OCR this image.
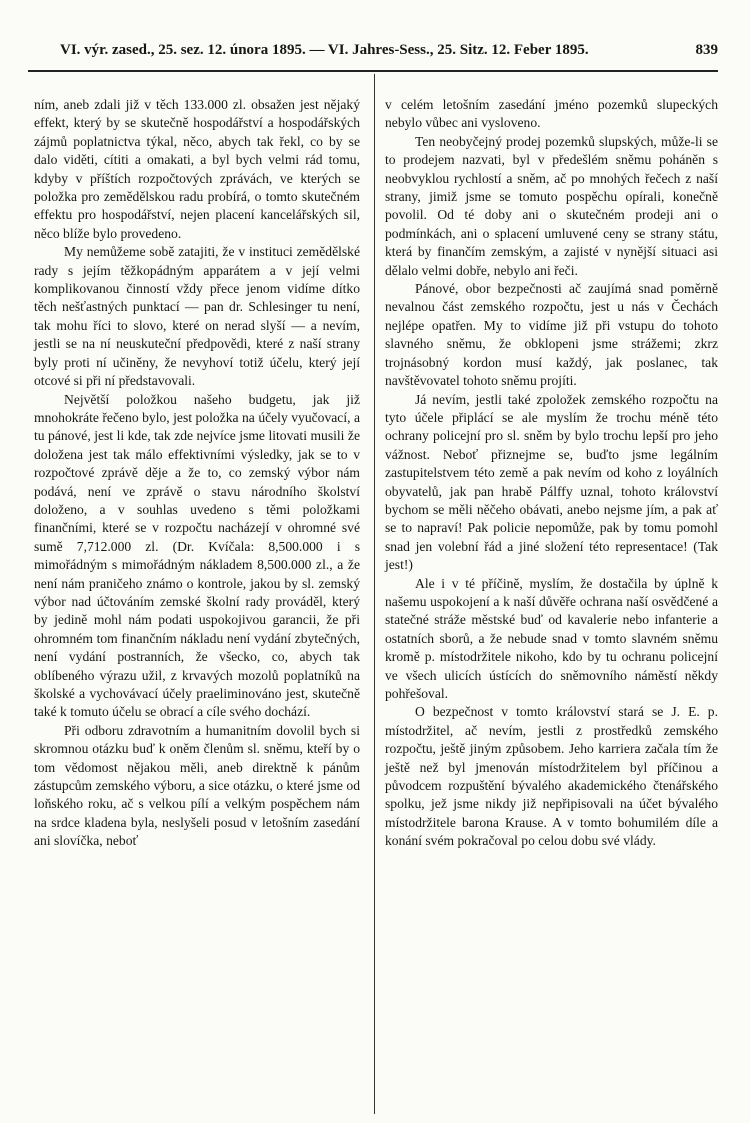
VI. výr. zased., 25. sez. 12. února 1895. — VI. Jahres-Sess., 25. Sitz. 12. Feber 1895.	839

ním, aneb zdali již v těch 133.000 zl. obsažen jest nějaký effekt, který by se skutečně hospodářství a hospodářských zájmů poplatnictva týkal, něco, abych tak řekl, co by se dalo viděti, cítiti a omakati, a byl bych velmi rád tomu, kdyby v příštích rozpočtových zprávách, ve kterých se položka pro zemědělskou radu probírá, o tomto skutečném effektu pro hospodářství, nejen placení kancelářských sil, něco blíže bylo provedeno.

My nemůžeme sobě zatajiti, že v instituci zemědělské rady s jejím těžkopádným apparátem a v její velmi komplikovanou činností vždy přece jenom vidíme dítko těch nešťastných punktací — pan dr. Schlesinger tu není, tak mohu říci to slovo, které on nerad slyší — a nevím, jestli se na ní neuskuteční předpovědi, které z naší strany byly proti ní učiněny, že nevyhoví totiž účelu, který její otcové si při ní představovali.

Největší položkou našeho budgetu, jak již mnohokráte řečeno bylo, jest položka na účely vyučovací, a tu pánové, jest li kde, tak zde nejvíce jsme litovati musili že doložena jest tak málo effektivními výsledky, jak se to v rozpočtové zprávě děje a že to, co zemský výbor nám podává, není ve zprávě o stavu národního školství doloženo, a v souhlas uvedeno s těmi položkami finančními, které se v rozpočtu nacházejí v ohromné své sumě 7,712.000 zl. (Dr. Kvíčala: 8,500.000 i s mimořádným s mimořádným nákladem 8,500.000 zl., a že není nám praničeho známo o kontrole, jakou by sl. zemský výbor nad účtováním zemské školní rady prováděl, který by jedině mohl nám podati uspokojivou garancii, že při ohromném tom finančním nákladu není vydání zbytečných, není vydání postranních, že všecko, co, abych tak oblíbeného výrazu užil, z krvavých mozolů poplatníků na školské a vychovávací účely praeliminováno jest, skutečně také k tomuto účelu se obrací a cíle svého dochází.

Při odboru zdravotním a humanitním dovolil bych si skromnou otázku buď k oněm členům sl. sněmu, kteří by o tom vědomost nějakou měli, aneb direktně k pánům zástupcům zemského výboru, a sice otázku, o které jsme od loňského roku, ač s velkou pílí a velkým pospěchem nám na srdce kladena byla, neslyšeli posud v letošním zasedání ani slovíčka, neboť

v celém letošním zasedání jméno pozemků slupeckých nebylo vůbec ani vysloveno.

Ten neobyčejný prodej pozemků slupských, může-li se to prodejem nazvati, byl v předešlém sněmu poháněn s neobvyklou rychlostí a sněm, ač po mnohých řečech z naší strany, jimiž jsme se tomuto pospěchu opírali, konečně povolil. Od té doby ani o skutečném prodeji ani o podmínkách, ani o splacení umluvené ceny se strany státu, která by finančím zemským, a zajisté v nynější situaci asi dělalo velmi dobře, nebylo ani řeči.

Pánové, obor bezpečnosti ač zaujímá snad poměrně nevalnou část zemského rozpočtu, jest u nás v Čechách nejlépe opatřen. My to vidíme již při vstupu do tohoto slavného sněmu, že obklopeni jsme strážemi; zkrz trojnásobný kordon musí každý, jak poslanec, tak navštěvovatel tohoto sněmu projíti.

Já nevím, jestli také zpoložek zemského rozpočtu na tyto účele připlácí se ale myslím že trochu méně této ochrany policejní pro sl. sněm by bylo trochu lepší pro jeho vážnost. Neboť přiznejme se, buďto jsme legálním zastupitelstvem této země a pak nevím od koho z loyálních obyvatelů, jak pan hrabě Pálffy uznal, tohoto království bychom se měli něčeho obávati, anebo nejsme jím, a pak ať se to napraví! Pak policie nepomůže, pak by tomu pomohl snad jen volební řád a jiné složení této representace! (Tak jest!)

Ale i v té příčině, myslím, že dostačila by úplně k našemu uspokojení a k naší důvěře ochrana naší osvědčené a statečné stráže městské buď od kavalerie nebo infanterie a ostatních sborů, a že nebude snad v tomto slavném sněmu kromě p. místodržitele nikoho, kdo by tu ochranu policejní ve všech ulicích ústících do sněmovního náměstí někdy pohřešoval.

O bezpečnost v tomto království stará se J. E. p. místodržitel, ač nevím, jestli z prostředků zemského rozpočtu, ještě jiným způsobem. Jeho karriera začala tím že ještě než byl jmenován místodržitelem byl příčinou a původcem rozpuštění bývalého akademického čtenářského spolku, jež jsme nikdy již nepřipisovali na účet bývalého místodržitele barona Krause. A v tomto bohumilém díle a konání svém pokračoval po celou dobu své vlády.
